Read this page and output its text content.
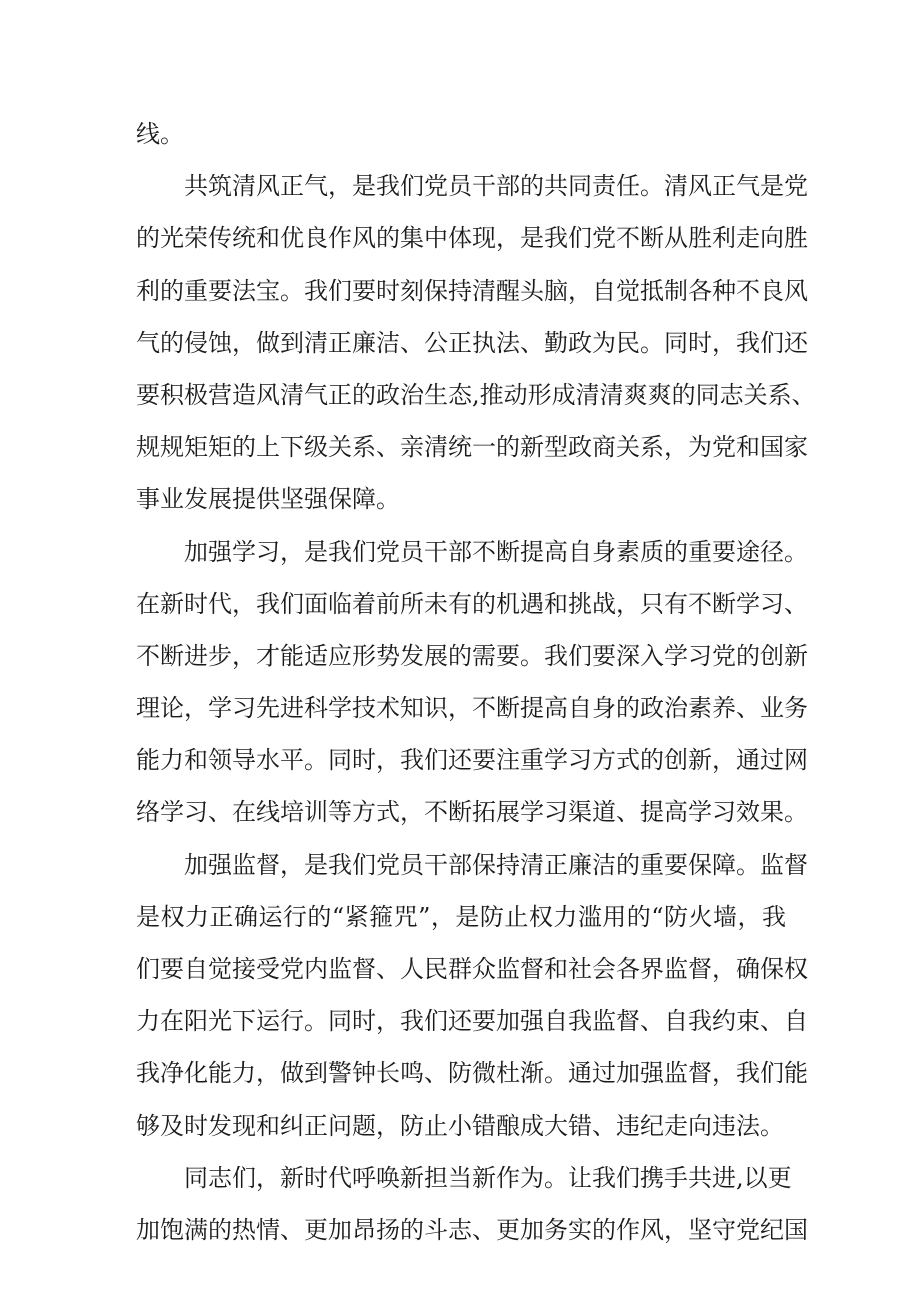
线。
共筑清风正气，是我们党员干部的共同责任。清风正气是党
的光荣传统和优良作风的集中体现，是我们党不断从胜利走向胜
利的重要法宝。我们要时刻保持清醒头脑，自觉抵制各种不良风
气的侵蚀，做到清正廉洁、公正执法、勤政为民。同时，我们还
要积极营造风清气正的政治生态,推动形成清清爽爽的同志关系、
规规矩矩的上下级关系、亲清统一的新型政商关系，为党和国家
事业发展提供坚强保障。
加强学习，是我们党员干部不断提高自身素质的重要途径。
在新时代，我们面临着前所未有的机遇和挑战，只有不断学习、
不断进步，才能适应形势发展的需要。我们要深入学习党的创新
理论，学习先进科学技术知识，不断提高自身的政治素养、业务
能力和领导水平。同时，我们还要注重学习方式的创新，通过网
络学习、在线培训等方式，不断拓展学习渠道、提高学习效果。
加强监督，是我们党员干部保持清正廉洁的重要保障。监督
是权力正确运行的“紧箍咒”，是防止权力滥用的“防火墙，我
们要自觉接受党内监督、人民群众监督和社会各界监督，确保权
力在阳光下运行。同时，我们还要加强自我监督、自我约束、自
我净化能力，做到警钟长鸣、防微杜渐。通过加强监督，我们能
够及时发现和纠正问题，防止小错酿成大错、违纪走向违法。
同志们，新时代呼唤新担当新作为。让我们携手共进,以更
加饱满的热情、更加昂扬的斗志、更加务实的作风，坚守党纪国
